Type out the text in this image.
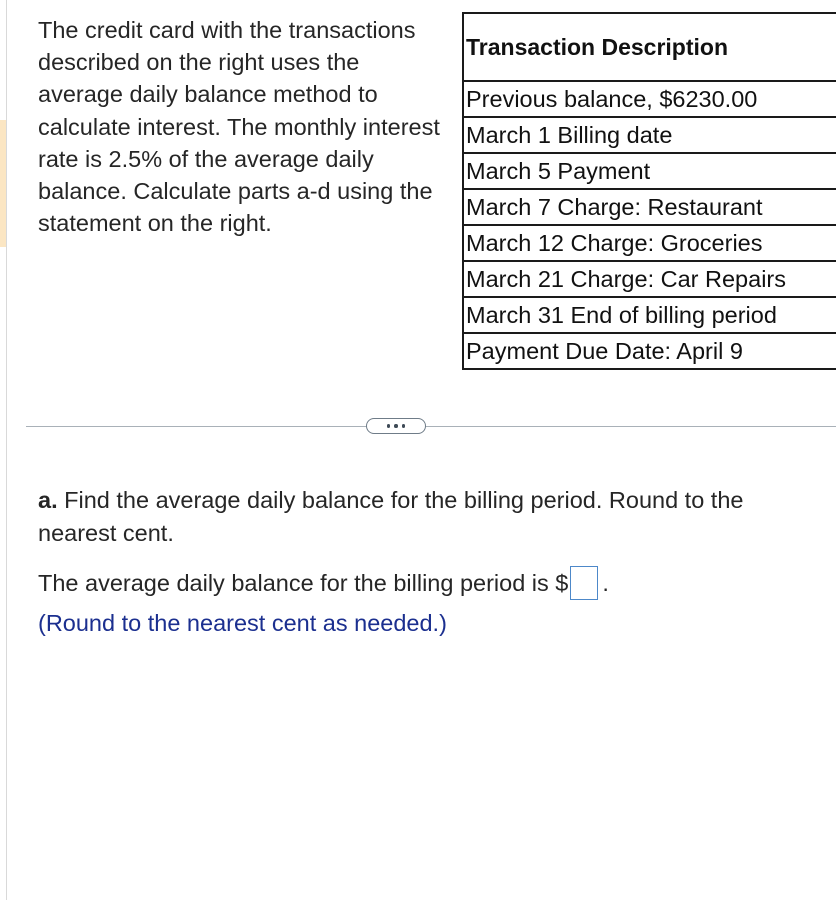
The credit card with the transactions described on the right uses the average daily balance method to calculate interest. The monthly interest rate is 2.5% of the average daily balance. Calculate parts a-d using the statement on the right.

Transaction Description
Previous balance, $6230.00
March 1 Billing date
March 5 Payment
March 7 Charge: Restaurant
March 12 Charge: Groceries
March 21 Charge: Car Repairs
March 31 End of billing period
Payment Due Date: April 9

a. Find the average daily balance for the billing period. Round to the nearest cent.

The average daily balance for the billing period is $ .
(Round to the nearest cent as needed.)
